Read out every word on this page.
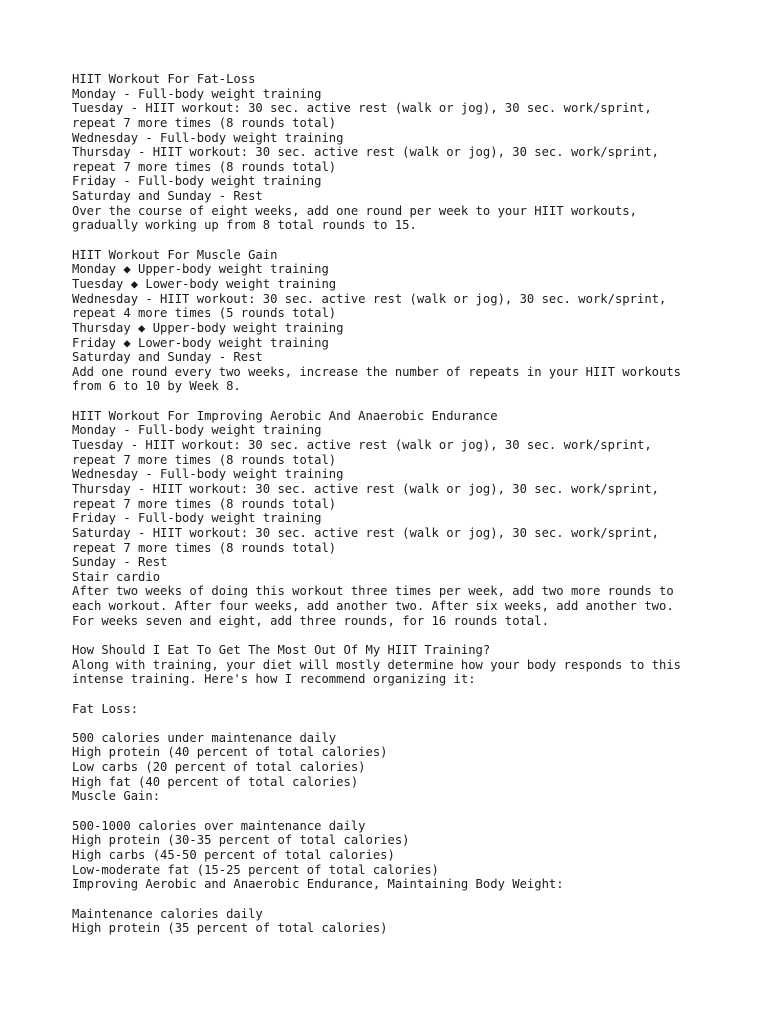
HIIT Workout For Fat-Loss
Monday - Full-body weight training
Tuesday - HIIT workout: 30 sec. active rest (walk or jog), 30 sec. work/sprint,
repeat 7 more times (8 rounds total)
Wednesday - Full-body weight training
Thursday - HIIT workout: 30 sec. active rest (walk or jog), 30 sec. work/sprint,
repeat 7 more times (8 rounds total)
Friday - Full-body weight training
Saturday and Sunday - Rest
Over the course of eight weeks, add one round per week to your HIIT workouts,
gradually working up from 8 total rounds to 15.
HIIT Workout For Muscle Gain
Monday ◆ Upper-body weight training
Tuesday ◆ Lower-body weight training
Wednesday - HIIT workout: 30 sec. active rest (walk or jog), 30 sec. work/sprint,
repeat 4 more times (5 rounds total)
Thursday ◆ Upper-body weight training
Friday ◆ Lower-body weight training
Saturday and Sunday - Rest
Add one round every two weeks, increase the number of repeats in your HIIT workouts
from 6 to 10 by Week 8.
HIIT Workout For Improving Aerobic And Anaerobic Endurance
Monday - Full-body weight training
Tuesday - HIIT workout: 30 sec. active rest (walk or jog), 30 sec. work/sprint,
repeat 7 more times (8 rounds total)
Wednesday - Full-body weight training
Thursday - HIIT workout: 30 sec. active rest (walk or jog), 30 sec. work/sprint,
repeat 7 more times (8 rounds total)
Friday - Full-body weight training
Saturday - HIIT workout: 30 sec. active rest (walk or jog), 30 sec. work/sprint,
repeat 7 more times (8 rounds total)
Sunday - Rest
Stair cardio
After two weeks of doing this workout three times per week, add two more rounds to
each workout. After four weeks, add another two. After six weeks, add another two.
For weeks seven and eight, add three rounds, for 16 rounds total.
How Should I Eat To Get The Most Out Of My HIIT Training?
Along with training, your diet will mostly determine how your body responds to this
intense training. Here's how I recommend organizing it:
Fat Loss:
500 calories under maintenance daily
High protein (40 percent of total calories)
Low carbs (20 percent of total calories)
High fat (40 percent of total calories)
Muscle Gain:
500-1000 calories over maintenance daily
High protein (30-35 percent of total calories)
High carbs (45-50 percent of total calories)
Low-moderate fat (15-25 percent of total calories)
Improving Aerobic and Anaerobic Endurance, Maintaining Body Weight:
Maintenance calories daily
High protein (35 percent of total calories)
